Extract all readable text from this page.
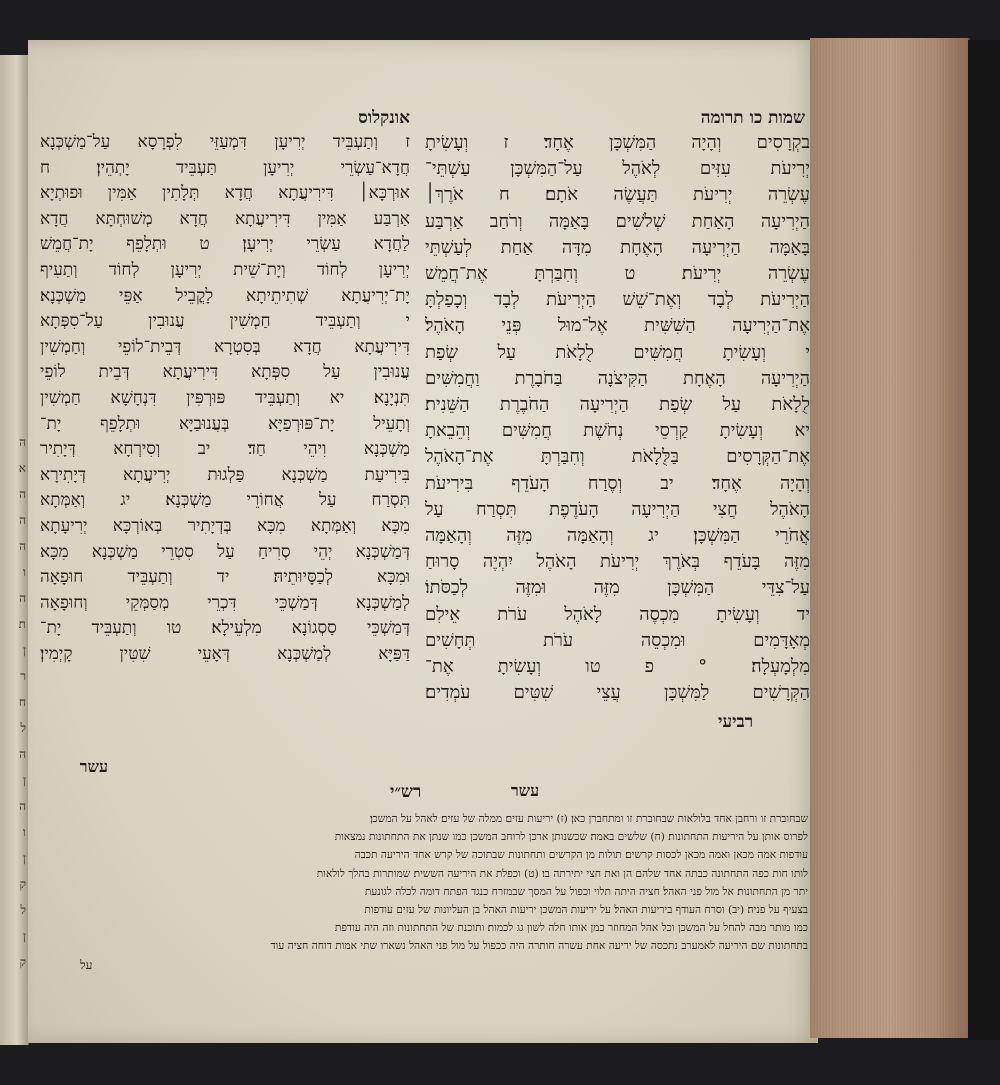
ה
א
ה
ה
ה
ו
ה
ת
ן
ר
ח
ל
ה
ן
ה
ו
ן
ק
ל
ן
ק
שמות כו תרומה
אונקלוס
בקְרָסִים וְהָיָה הַמִּשְׁכָּן אֶחָד׃ ז וְעָשִׂיתָ
יְרִיעֹת עִזִּים לְאֹהֶל עַל־הַמִּשְׁכָּן עַשְׁתֵּי־
עֶשְׂרֵה יְרִיעֹת תַּעֲשֶׂה אֹתָם׃ ח אֹרֶךְ׀
הַיְרִיעָה הָאַחַת שְׁלֹשִׁים בָּאַמָּה וְרֹחַב אַרְבַּע
בָּאַמָּה הַיְרִיעָה הָאֶחָת מִדָּה אַחַת לְעַשְׁתֵּי
עֶשְׂרֵה יְרִיעֹת׃ ט וְחִבַּרְתָּ אֶת־חֲמֵשׁ
הַיְרִיעֹת לְבָד וְאֶת־שֵׁשׁ הַיְרִיעֹת לְבָד וְכָפַלְתָּ
אֶת־הַיְרִיעָה הַשִּׁשִּׁית אֶל־מוּל פְּנֵי הָאֹהֶל׃
י וְעָשִׂיתָ חֲמִשִּׁים לֻלָאֹת עַל שְׂפַת
הַיְרִיעָה הָאֶחָת הַקִּיצֹנָה בַּחֹבָרֶת וַחֲמִשִּׁים
לֻלָאֹת עַל שְׂפַת הַיְרִיעָה הַחֹבֶרֶת הַשֵּׁנִית׃
יא וְעָשִׂיתָ קַרְסֵי נְחֹשֶׁת חֲמִשִּׁים וְהֵבֵאתָ
אֶת־הַקְּרָסִים בַּלֻּלָאֹת וְחִבַּרְתָּ אֶת־הָאֹהֶל
וְהָיָה אֶחָד׃ יב וְסֶרַח הָעֹדֵף בִּירִיעֹת
הָאֹהֶל חֲצִי הַיְרִיעָה הָעֹדֶפֶת תִּסְרַח עַל
אֲחֹרֵי הַמִּשְׁכָּן׃ יג וְהָאַמָּה מִזֶּה וְהָאַמָּה
מִזֶּה בָּעֹדֵף בְּאֹרֶךְ יְרִיעֹת הָאֹהֶל יִהְיֶה סָרוּחַ
עַל־צִדֵּי הַמִּשְׁכָּן מִזֶּה וּמִזֶּה לְכַסֹּתוֹ׃
יד וְעָשִׂיתָ מִכְסֶה לָאֹהֶל עֹרֹת אֵילִם
מְאָדָּמִים וּמִכְסֵה עֹרֹת תְּחָשִׁים
מִלְמָעְלָה׃ ° פ טו וְעָשִׂיתָ אֶת־
הַקְּרָשִׁים לַמִּשְׁכָּן עֲצֵי שִׁטִּים עֹמְדִים׃
ז וְתַעְבֵּיד יְרִיעָן דִּמְעַזֵּי לִפְרָסָא עַל־מַשְׁכְּנָא
חֲדָא־עַשְׂרֵי יְרִיעָן תַּעְבֵּיד יָתְהֵין׃ ח
אוּרְכָּא׀ דִּירִיעֲתָא חֲדָא תְּלָתִין אַמִּין וּפוּתְיָא
אַרְבַּע אַמִּין דִּירִיעֲתָא חֲדָא מְשׁוּחְתָּא חֲדָא
לַחֲדָא עַשְׂרֵי יְרִיעָן׃ ט וּתְלָפֵף יָת־חֲמֵשׁ
יְרִיעָן לְחוֹד וְיָת־שֵׁית יְרִיעָן לְחוֹד וְתַעִיף
יָת־יְרִיעֲתָא שְׁתִיתֵיתָא לָקֳבֵיל אַפֵּי מַשְׁכְּנָא׃
י וְתַעְבֵּיד חַמְשִׁין עֲנוּבִין עַל־סִפְּתָא
דִּירִיעֲתָא חֲדָא בְּסִטְרָא דְּבֵית־לוֹפֵי וְחַמְשִׁין
עֲנוּבִין עַל סִפְּתָא דִּירִיעֲתָא דְּבֵית לוֹפֵי
תִּנְיָנָא׃ יא וְתַעְבֵּיד פּוּרְפִּין דִּנְחָשָׁא חַמְשִׁין
וְתָעֵיל יָת־פּוּרְפַיָּא בְּעֲנוּבַיָּא וּתְלָפֵף יָת־
מַשְׁכְּנָא וִיהֵי חַד׃ יב וְסִירְחָא דְּיָתִיר
בִּירִיעַת מַשְׁכְּנָא פַּלְגוּת יְרִיעֲתָא דְּיָתִירָא
תִּסְרַח עַל אֲחוֹרֵי מַשְׁכְּנָא׃ יג וְאַמְּתָא
מִכָּא וְאַמְּתָא מִכָּא בְּדְיָתִיר בְּאוֹרְכָּא יְרִיעָתָא
דְּמַשְׁכְּנָא יְהֵי סְרִיחַ עַל סִטְרֵי מַשְׁכְּנָא מִכָּא
וּמִכָּא לְכַסָּיוּתֵיהּ׃ יד וְתַעְבֵּיד חוּפָאָה
לְמַשְׁכְּנָא דְּמַשְׁכֵּי דִּכְרֵי מְסַמְּקֵי וְחוּפָאָה
דְּמַשְׁכֵּי סַסְגוֹנָא מִלְעֵילָא׃ טו וְתַעְבֵּיד יָת־
דַּפַּיָּא לְמַשְׁכְּנָא דְּאָעֵי שִׁטִּין קָיְמִין׃
רביעי
עשר
עשר
רש״י
שבחוברת זו ורחבן אחד בלולאות שבחוברת זו ומתחברן כאן׃ (ז) יריעות עזים׃ ממלה של עזים׃ לאהל על המשכן׃
לפרוס אותן על היריעות התחתונות׃ (ח) שלשים באמה׃ שכשנותן ארכן לרוחב המשכן כמו שנתן את התחתונות נמצאות
עודפות אמה מכאן ואמה מכאן לכסות קרשים׃ תולות מן הקרשים ותחתונות שבתוכה של קרש אחד היריעה תכבה
לותו חות כפה התחתונה כבתה אחד שלהם הן ואת חצי יתירתה בו׃ (ט) וכפלת את היריעה הששית׃ שמותרות בהלך לולאות
יתר מן התחתונות׃ אל מול פני האהל׃ חציה היתה תלוי וכפול על המסך שבמזרח כנגד הפתח דומה לכלה לגונעת
בצעיף על פניה׃ (יב) וסרח העודף ביריעות האהל׃ על יריעות המשכן יריעות האהל בן העליונות של עזים עודפות
כמו מותר מבה להחל על המשכן וכל אהל המחוזר כמן אותו חלה לשון גג לכמות׃ ותוכנת של התחתונות וזה היה עודפת
בתחתונות שם היריעה לאמערב נתכסה של יריעה אחת עשרה חותרה היה ככפול על מול פני האהל נשארו שתי אמות דוחה חציה עוד
על
